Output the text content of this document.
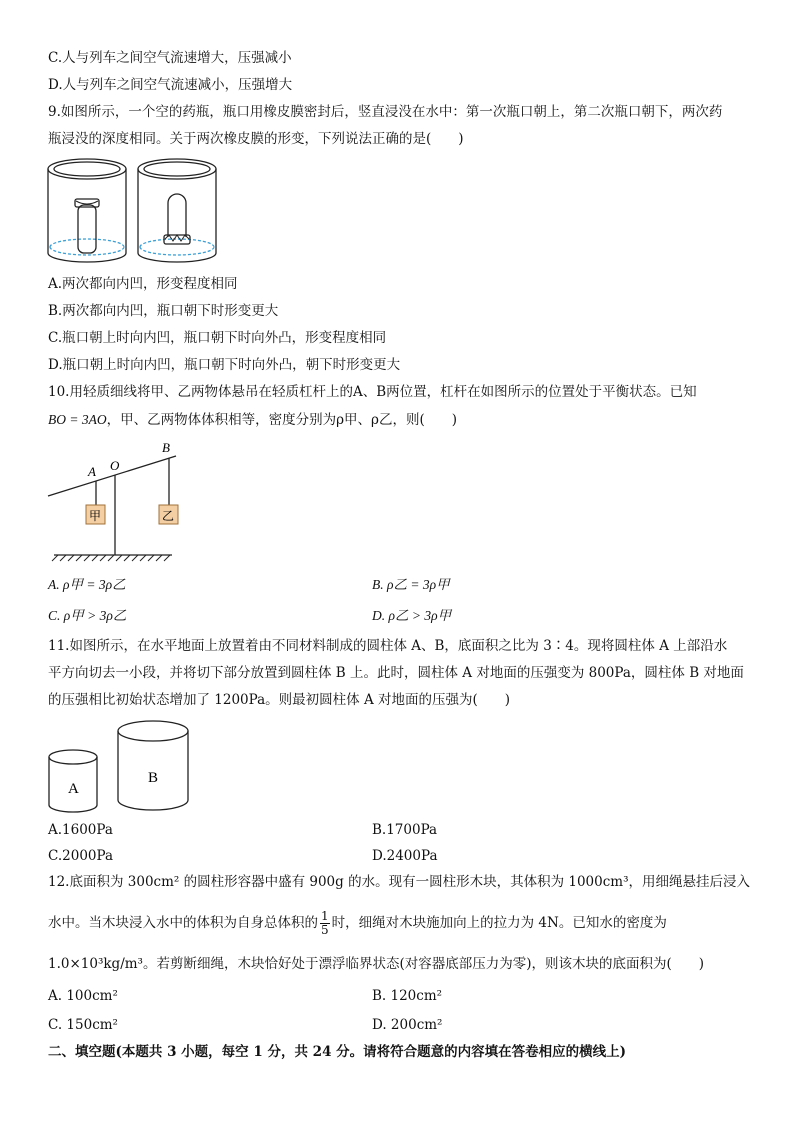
C.人与列车之间空气流速增大，压强减小
D.人与列车之间空气流速减小，压强增大
9.如图所示，一个空的药瓶，瓶口用橡皮膜密封后，竖直浸没在水中：第一次瓶口朝上，第二次瓶口朝下，两次药
瓶浸没的深度相同。关于两次橡皮膜的形变，下列说法正确的是(　　)
A.两次都向内凹，形变程度相同
B.两次都向内凹，瓶口朝下时形变更大
C.瓶口朝上时向内凹，瓶口朝下时向外凸，形变程度相同
D.瓶口朝上时向内凹，瓶口朝下时向外凸，朝下时形变更大
10.用轻质细线将甲、乙两物体悬吊在轻质杠杆上的A、B两位置，杠杆在如图所示的位置处于平衡状态。已知
BO = 3AO，甲、乙两物体体积相等，密度分别为ρ甲、ρ乙，则(　　)
A O
B
甲	乙
A. ρ甲 = 3ρ乙	B. ρ乙 = 3ρ甲
C. ρ甲 > 3ρ乙	D. ρ乙 > 3ρ甲
11.如图所示，在水平地面上放置着由不同材料制成的圆柱体 A、B，底面积之比为 3∶4。现将圆柱体 A 上部沿水
平方向切去一小段，并将切下部分放置到圆柱体 B 上。此时，圆柱体 A 对地面的压强变为 800Pa，圆柱体 B 对地面
的压强相比初始状态增加了 1200Pa。则最初圆柱体 A 对地面的压强为(　　)
A
B
A.1600Pa	B.1700Pa
C.2000Pa	D.2400Pa
12.底面积为 300cm² 的圆柱形容器中盛有 900g 的水。现有一圆柱形木块，其体积为 1000cm³，用细绳悬挂后浸入
水中。当木块浸入水中的体积为自身总体积的 $\frac{1}{5}$ 时，细绳对木块施加向上的拉力为 4N。已知水的密度为
1.0×10³kg/m³。若剪断细绳，木块恰好处于漂浮临界状态(对容器底部压力为零)，则该木块的底面积为(　　)
A. 100cm²	B. 120cm²
C. 150cm²	D. 200cm²
二、填空题(本题共 3 小题，每空 1 分，共 24 分。请将符合题意的内容填在答卷相应的横线上)
